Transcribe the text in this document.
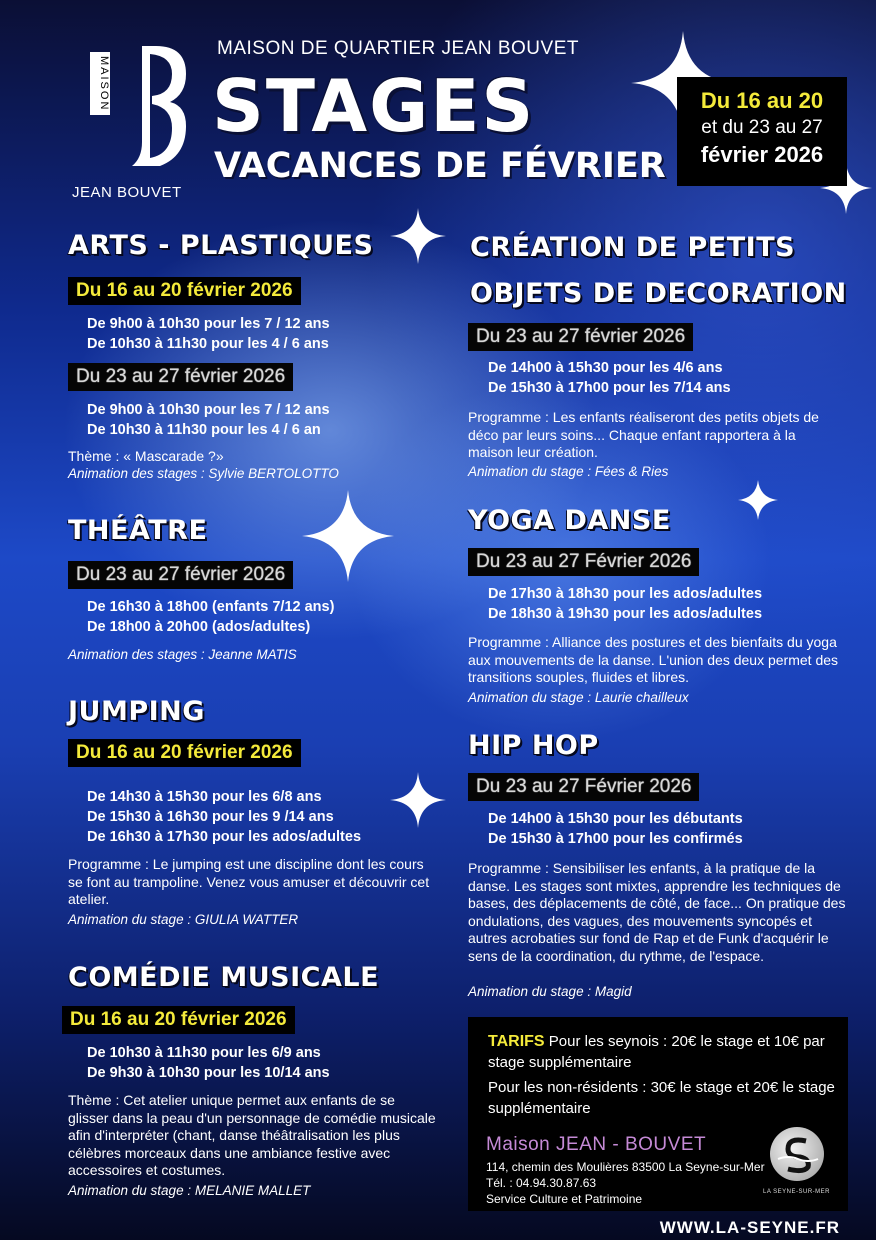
MAISON
JEAN BOUVET
MAISON DE QUARTIER JEAN BOUVET
STAGES
VACANCES DE FÉVRIER
Du 16 au 20
et du 23 au 27
février 2026
ARTS - PLASTIQUES
Du 16 au 20 février 2026
De 9h00 à 10h30 pour les 7 / 12 ans
De 10h30 à 11h30 pour les 4 / 6 ans
Du 23 au 27 février 2026
De 9h00 à 10h30 pour les 7 / 12 ans
De 10h30 à 11h30 pour les 4 / 6 an
Thème : « Mascarade ?»
Animation des stages : Sylvie BERTOLOTTO
THÉÂTRE
Du 23 au 27 février 2026
De 16h30 à 18h00 (enfants 7/12 ans)
De 18h00 à 20h00 (ados/adultes)
Animation des stages : Jeanne MATIS
JUMPING
Du 16 au 20 février 2026
De 14h30 à 15h30 pour les 6/8 ans
De 15h30 à 16h30 pour les 9 /14 ans
De 16h30 à 17h30 pour les ados/adultes
Programme : Le jumping est une discipline dont les cours se font au trampoline. Venez vous amuser et découvrir cet atelier.
Animation du stage : GIULIA WATTER
COMÉDIE MUSICALE
Du 16 au 20 février 2026
De 10h30 à 11h30 pour les 6/9 ans
De 9h30 à 10h30 pour les 10/14 ans
Thème : Cet atelier unique permet aux enfants de se glisser dans la peau d'un personnage de comédie musicale afin d'interpréter (chant, danse théâtralisation les plus célèbres morceaux dans une ambiance festive avec accessoires et costumes.
Animation du stage : MELANIE MALLET
CRÉATION DE PETITS
OBJETS DE DECORATION
Du 23 au 27 février 2026
De 14h00 à 15h30 pour les 4/6 ans
De 15h30 à 17h00 pour les 7/14 ans
Programme : Les enfants réaliseront des petits objets de déco par leurs soins... Chaque enfant rapportera à la maison leur création.
Animation du stage : Fées & Ries
YOGA DANSE
Du 23 au 27 Février 2026
De 17h30 à 18h30 pour les ados/adultes
De 18h30 à 19h30 pour les ados/adultes
Programme : Alliance des postures et des bienfaits du yoga aux mouvements de la danse. L'union des deux permet des transitions souples, fluides et libres.
Animation du stage : Laurie chailleux
HIP HOP
Du 23 au 27 Février 2026
De 14h00 à 15h30 pour les débutants
De 15h30 à 17h00 pour les confirmés
Programme : Sensibiliser les enfants, à la pratique de la danse. Les stages sont mixtes, apprendre les techniques de bases, des déplacements de côté, de face... On pratique des ondulations, des vagues, des mouvements syncopés et autres acrobaties sur fond de Rap et de Funk d'acquérir le sens de la coordination, du rythme, de l'espace.
Animation du stage : Magid
TARIFS Pour les seynois : 20€ le stage et 10€ par stage supplémentaire
Pour les non-résidents : 30€ le stage et 20€ le stage supplémentaire
Maison JEAN - BOUVET
114, chemin des Moulières 83500 La Seyne-sur-Mer
Tél. : 04.94.30.87.63
Service Culture et Patrimoine	LA SEYNE-SUR-MER
WWW.LA-SEYNE.FR
